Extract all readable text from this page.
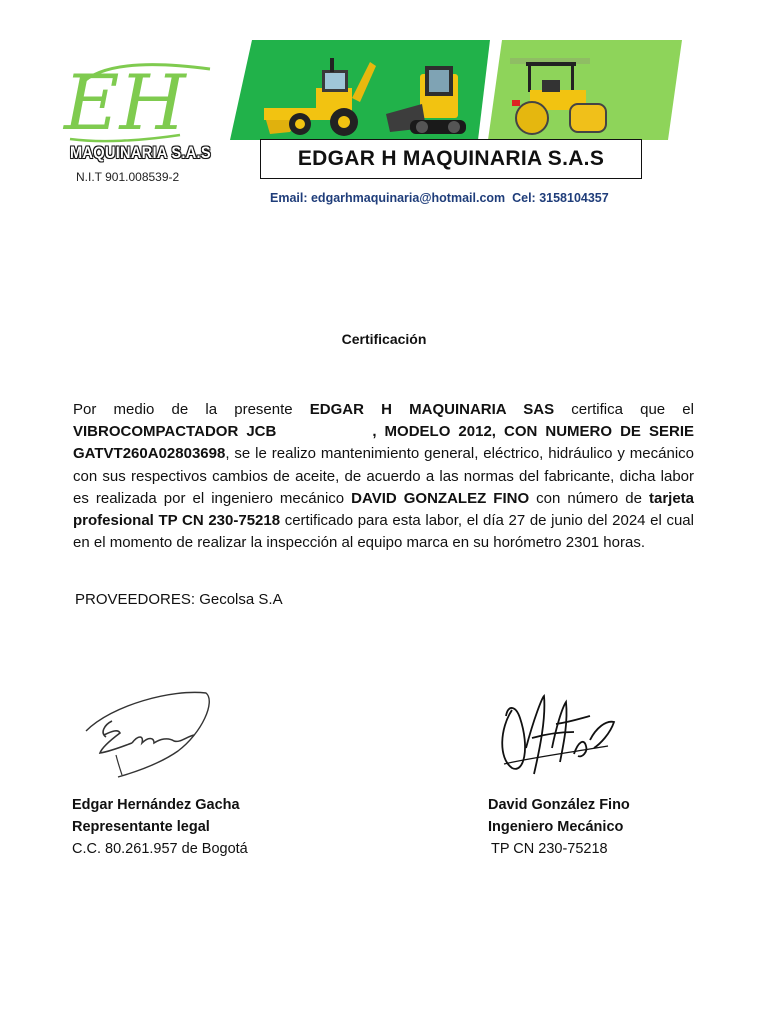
EH
MAQUINARIA S.A.S
N.I.T 901.008539-2
EDGAR H MAQUINARIA S.A.S
Email: edgarhmaquinaria@hotmail.com  Cel: 3158104357
Certificación
Por medio de la presente EDGAR H MAQUINARIA SAS certifica que el VIBROCOMPACTADOR JCB	, MODELO 2012, CON NUMERO DE SERIE GATVT260A02803698, se le realizo mantenimiento general, eléctrico, hidráulico y mecánico con sus respectivos cambios de aceite, de acuerdo a las normas del fabricante, dicha labor es realizada por el ingeniero mecánico DAVID GONZALEZ FINO con número de tarjeta profesional TP CN 230-75218 certificado para esta labor, el día 27 de junio del 2024 el cual en el momento de realizar la inspección al equipo marca en su horómetro 2301 horas.
PROVEEDORES: Gecolsa S.A
Edgar Hernández Gacha
Representante legal
C.C. 80.261.957 de Bogotá
David González Fino
Ingeniero Mecánico
TP CN 230-75218
